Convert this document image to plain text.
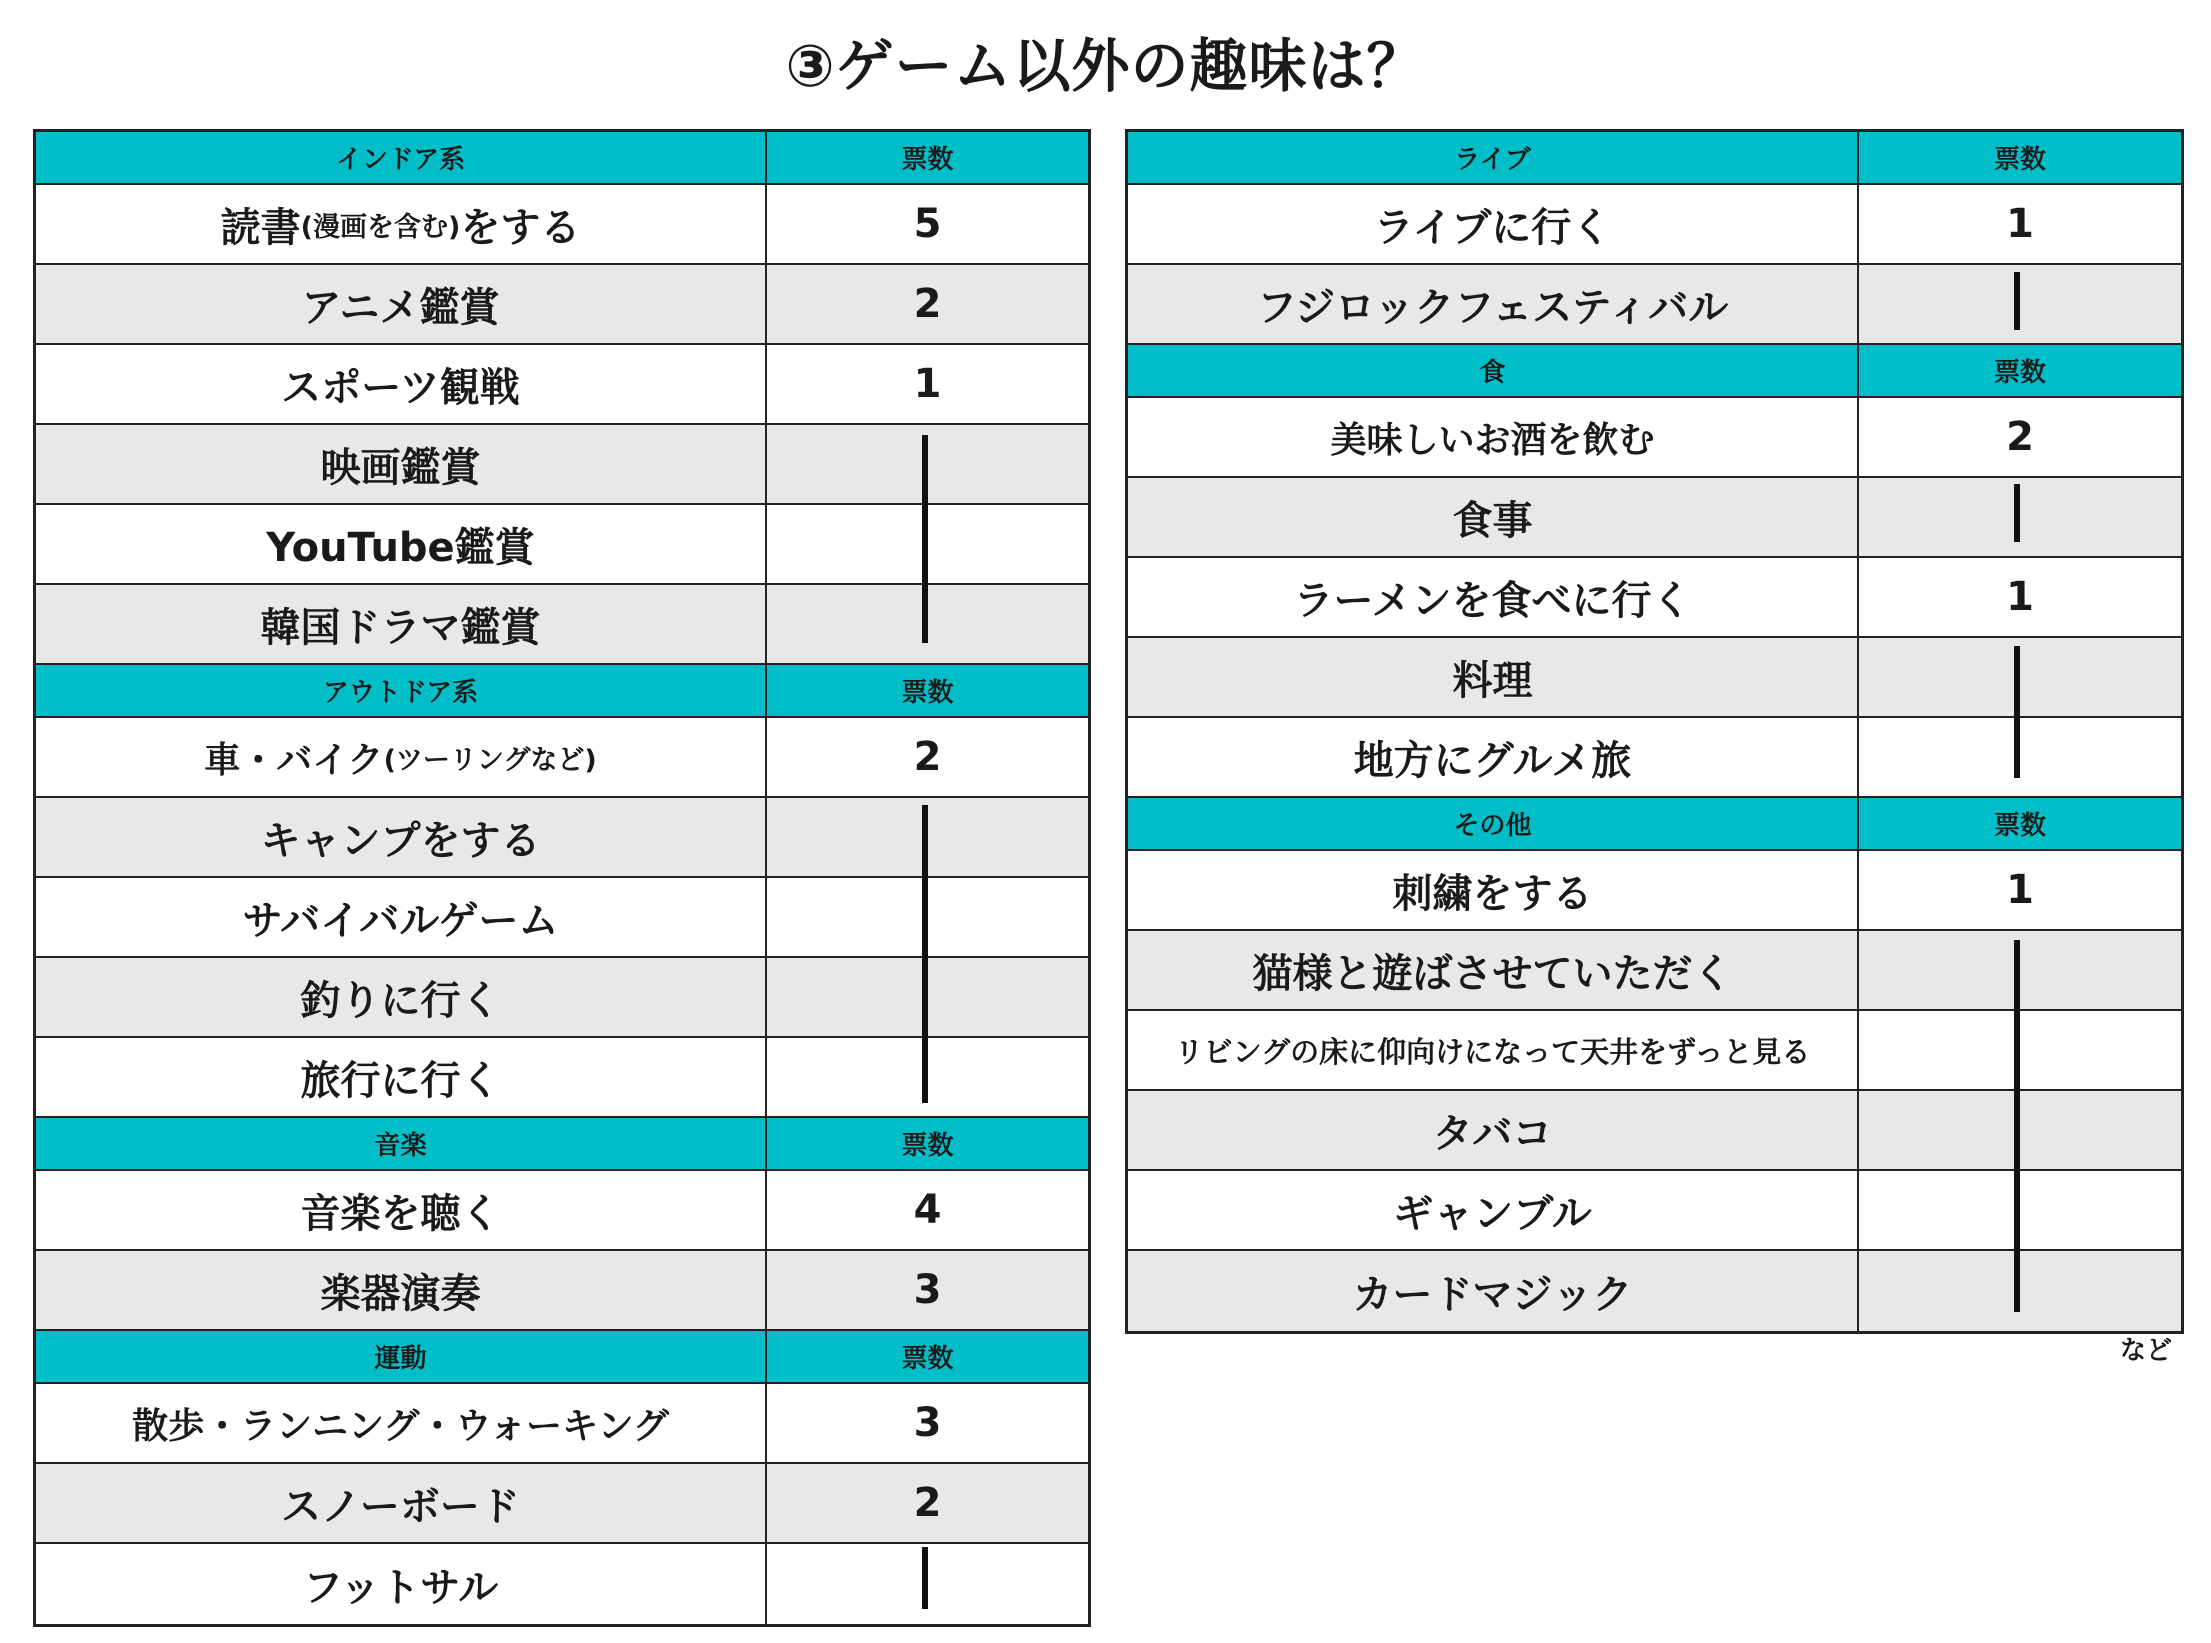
③ゲーム以外の趣味は？
インドア系	票数
読書 (漫画を含む) をする	5
アニメ鑑賞	2
スポーツ観戦	1
映画鑑賞
YouTube鑑賞
韓国ドラマ鑑賞
アウトドア系	票数
車・バイク (ツーリングなど)	2
キャンプをする
サバイバルゲーム
釣りに行く
旅行に行く
音楽	票数
音楽を聴く	4
楽器演奏	3
運動	票数
散歩・ランニング・ウォーキング	3
スノーボード	2
フットサル
ライブ	票数
ライブに行く	1
フジロックフェスティバル
食	票数
美味しいお酒を飲む	2
食事
ラーメンを食べに行く	1
料理
地方にグルメ旅
その他	票数
刺繍をする	1
猫様と遊ばさせていただく
リビングの床に仰向けになって天井をずっと見る
タバコ
ギャンブル
カードマジック
など
